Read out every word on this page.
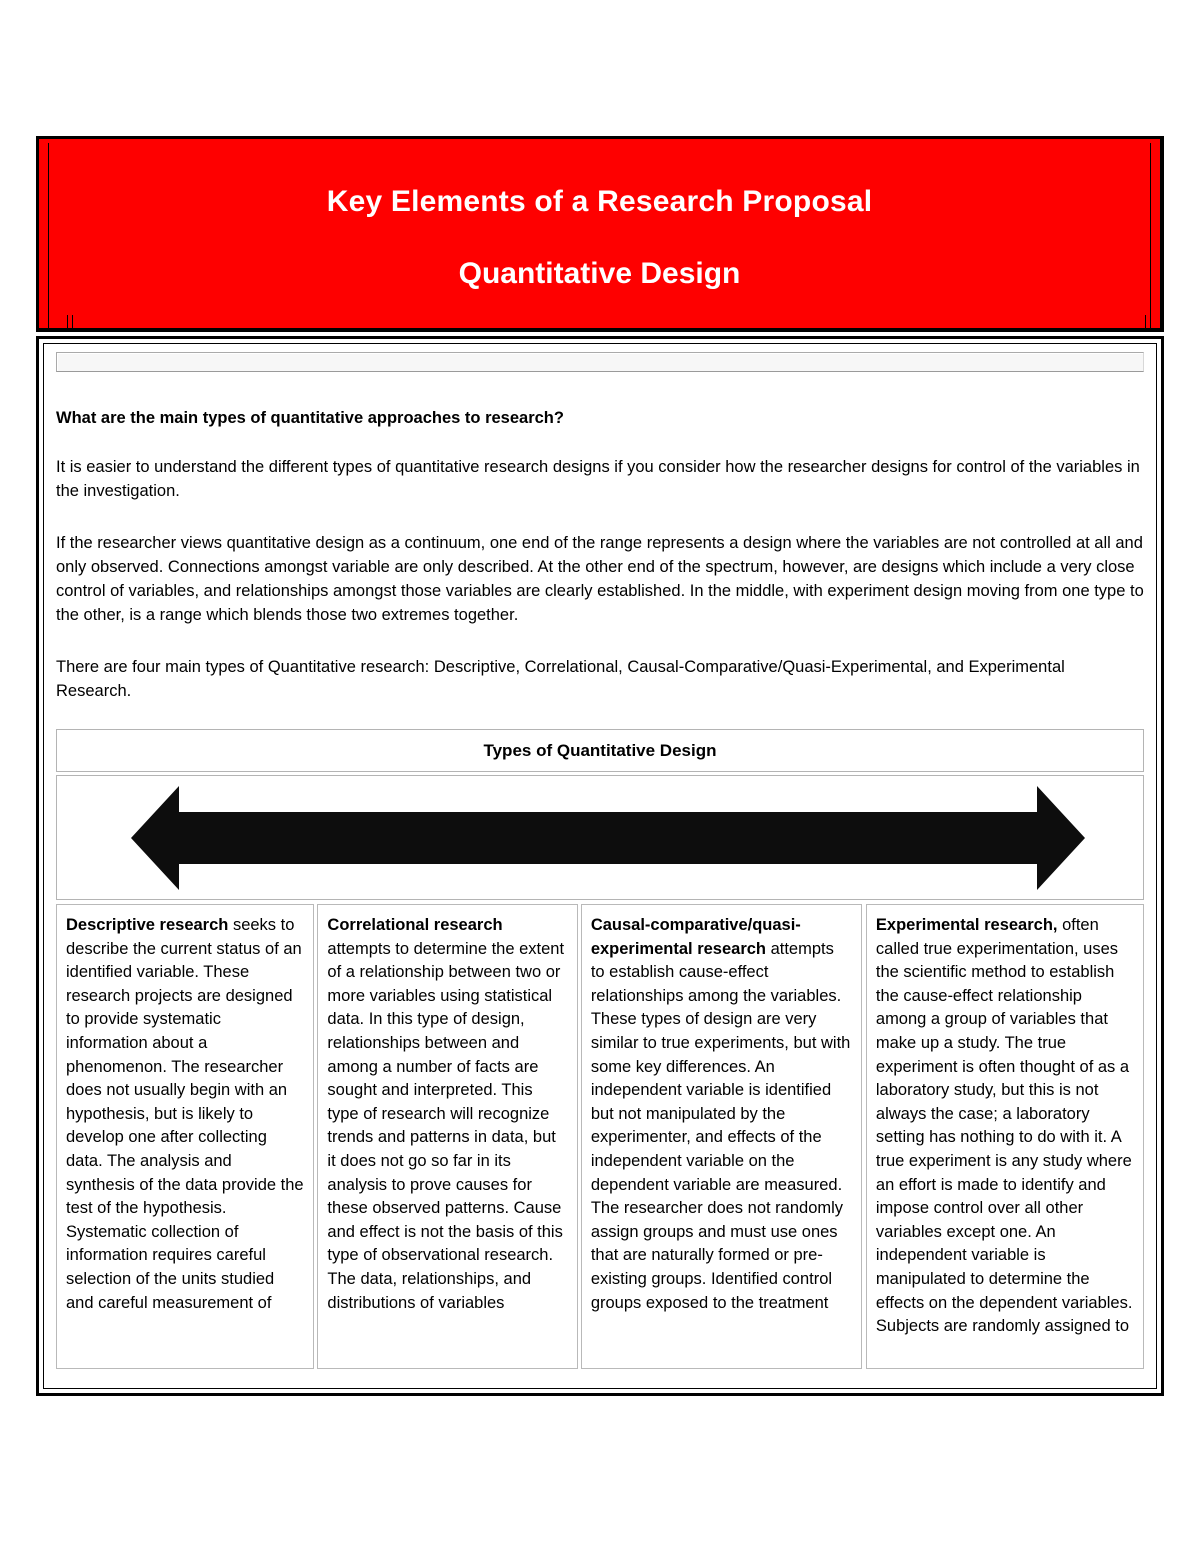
Key Elements of a Research Proposal
Quantitative Design

What are the main types of quantitative approaches to research?

It is easier to understand the different types of quantitative research designs if you consider how the researcher designs for control of the variables in the investigation.

If the researcher views quantitative design as a continuum, one end of the range represents a design where the variables are not controlled at all and only observed. Connections amongst variable are only described. At the other end of the spectrum, however, are designs which include a very close control of variables, and relationships amongst those variables are clearly established. In the middle, with experiment design moving from one type to the other, is a range which blends those two extremes together.

There are four main types of Quantitative research: Descriptive, Correlational, Causal-Comparative/Quasi-Experimental, and Experimental Research.

Types of Quantitative Design

Descriptive research seeks to describe the current status of an identified variable. These research projects are designed to provide systematic information about a phenomenon. The researcher does not usually begin with an hypothesis, but is likely to develop one after collecting data. The analysis and synthesis of the data provide the test of the hypothesis. Systematic collection of information requires careful selection of the units studied and careful measurement of

Correlational research attempts to determine the extent of a relationship between two or more variables using statistical data. In this type of design, relationships between and among a number of facts are sought and interpreted. This type of research will recognize trends and patterns in data, but it does not go so far in its analysis to prove causes for these observed patterns. Cause and effect is not the basis of this type of observational research. The data, relationships, and distributions of variables

Causal-comparative/quasi-experimental research attempts to establish cause-effect relationships among the variables. These types of design are very similar to true experiments, but with some key differences. An independent variable is identified but not manipulated by the experimenter, and effects of the independent variable on the dependent variable are measured. The researcher does not randomly assign groups and must use ones that are naturally formed or pre-existing groups. Identified control groups exposed to the treatment

Experimental research, often called true experimentation, uses the scientific method to establish the cause-effect relationship among a group of variables that make up a study. The true experiment is often thought of as a laboratory study, but this is not always the case; a laboratory setting has nothing to do with it. A true experiment is any study where an effort is made to identify and impose control over all other variables except one. An independent variable is manipulated to determine the effects on the dependent variables. Subjects are randomly assigned to
